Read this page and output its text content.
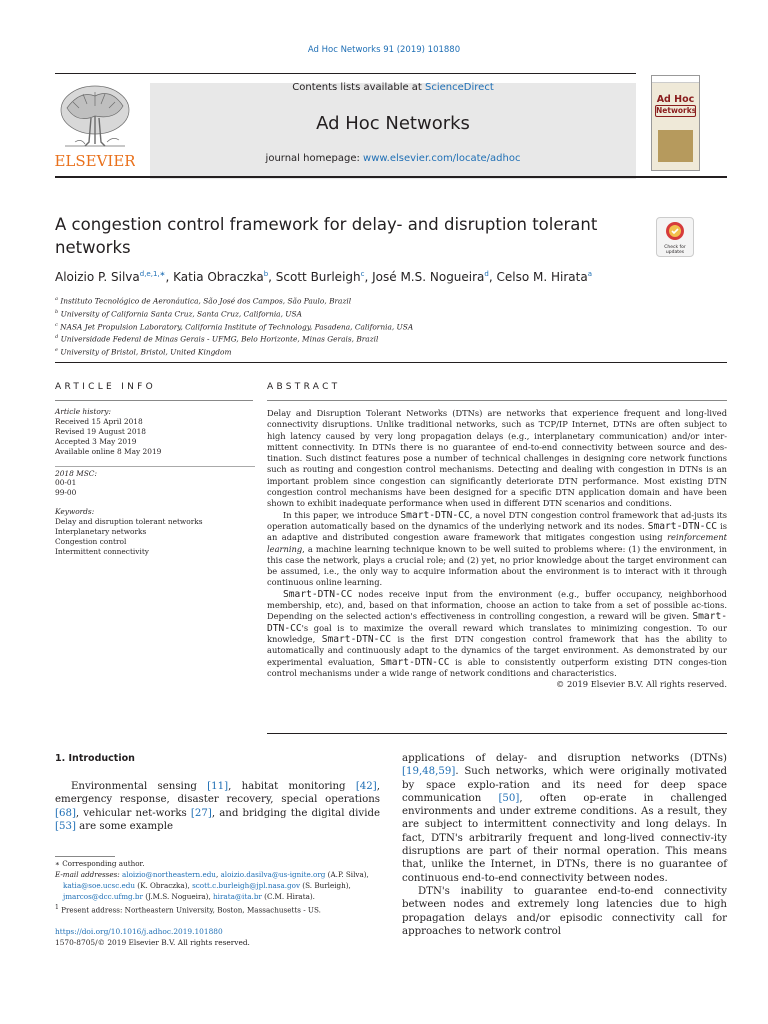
Ad Hoc Networks 91 (2019) 101880
ELSEVIER
Contents lists available at ScienceDirect
Ad Hoc Networks
journal homepage: www.elsevier.com/locate/adhoc
Ad Hoc
Networks
A congestion control framework for delay- and disruption tolerant networks	Check for updates
Aloizio P. Silva$^{d,e,1,∗}$, Katia Obraczka$^b$, Scott Burleigh$^c$, José M.S. Nogueira$^d$, Celso M. Hirata$^a$
$^a$ Instituto Tecnológico de Aeronáutica, São José dos Campos, São Paulo, Brazil
$^b$ University of California Santa Cruz, Santa Cruz, California, USA
$^c$ NASA Jet Propulsion Laboratory, California Institute of Technology, Pasadena, California, USA
$^d$ Universidade Federal de Minas Gerais - UFMG, Belo Horizonte, Minas Gerais, Brazil
$^e$ University of Bristol, Bristol, United Kingdom
ARTICLE INFO
Article history:
Received 15 April 2018
Revised 19 August 2018
Accepted 3 May 2019
Available online 8 May 2019
2018 MSC:
00-01
99-00
Keywords:
Delay and disruption tolerant networks
Interplanetary networks
Congestion control
Intermittent connectivity
ABSTRACT

Delay and Disruption Tolerant Networks (DTNs) are networks that experience frequent and long-lived connectivity disruptions. Unlike traditional networks, such as TCP/IP Internet, DTNs are often subject to high latency caused by very long propagation delays (e.g., interplanetary communication) and/or inter-mittent connectivity. In DTNs there is no guarantee of end-to-end connectivity between source and des-tination. Such distinct features pose a number of technical challenges in designing core network functions such as routing and congestion control mechanisms. Detecting and dealing with congestion in DTNs is an important problem since congestion can significantly deteriorate DTN performance. Most existing DTN congestion control mechanisms have been designed for a specific DTN application domain and have been shown to exhibit inadequate performance when used in different DTN scenarios and conditions.

In this paper, we introduce Smart-DTN-CC, a novel DTN congestion control framework that ad-justs its operation automatically based on the dynamics of the underlying network and its nodes. Smart-DTN-CC is an adaptive and distributed congestion aware framework that mitigates congestion using reinforcement learning, a machine learning technique known to be well suited to problems where: (1) the environment, in this case the network, plays a crucial role; and (2) yet, no prior knowledge about the target environment can be assumed, i.e., the only way to acquire information about the environment is to interact with it through continuous online learning.

Smart-DTN-CC nodes receive input from the environment (e.g., buffer occupancy, neighborhood membership, etc), and, based on that information, choose an action to take from a set of possible ac-tions. Depending on the selected action's effectiveness in controlling congestion, a reward will be given. Smart-DTN-CC's goal is to maximize the overall reward which translates to minimizing congestion. To our knowledge, Smart-DTN-CC is the first DTN congestion control framework that has the ability to automatically and continuously adapt to the dynamics of the target environment. As demonstrated by our experimental evaluation, Smart-DTN-CC is able to consistently outperform existing DTN conges-tion control mechanisms under a wide range of network conditions and characteristics.

© 2019 Elsevier B.V. All rights reserved.
1. Introduction
Environmental sensing [11], habitat monitoring [42], emergency response, disaster recovery, special operations [68], vehicular net-works [27], and bridging the digital divide [53] are some example

applications of delay- and disruption networks (DTNs) [19,48,59]. Such networks, which were originally motivated by space explo-ration and its need for deep space communication [50], often op-erate in challenged environments and under extreme conditions. As a result, they are subject to intermittent connectivity and long delays. In fact, DTN's arbitrarily frequent and long-lived connectiv-ity disruptions are part of their normal operation. This means that, unlike the Internet, in DTNs, there is no guarantee of continuous end-to-end connectivity between nodes.

DTN's inability to guarantee end-to-end connectivity between nodes and extremely long latencies due to high propagation delays and/or episodic connectivity call for approaches to network control

∗ Corresponding author.
E-mail addresses: aloizio@northeastern.edu, aloizio.dasilva@us-ignite.org (A.P. Silva), katia@soe.ucsc.edu (K. Obraczka), scott.c.burleigh@jpl.nasa.gov (S. Burleigh), jmarcos@dcc.ufmg.br (J.M.S. Nogueira), hirata@ita.br (C.M. Hirata).
$^1$ Present address: Northeastern University, Boston, Massachusetts - US.
https://doi.org/10.1016/j.adhoc.2019.101880
1570-8705/© 2019 Elsevier B.V. All rights reserved.
